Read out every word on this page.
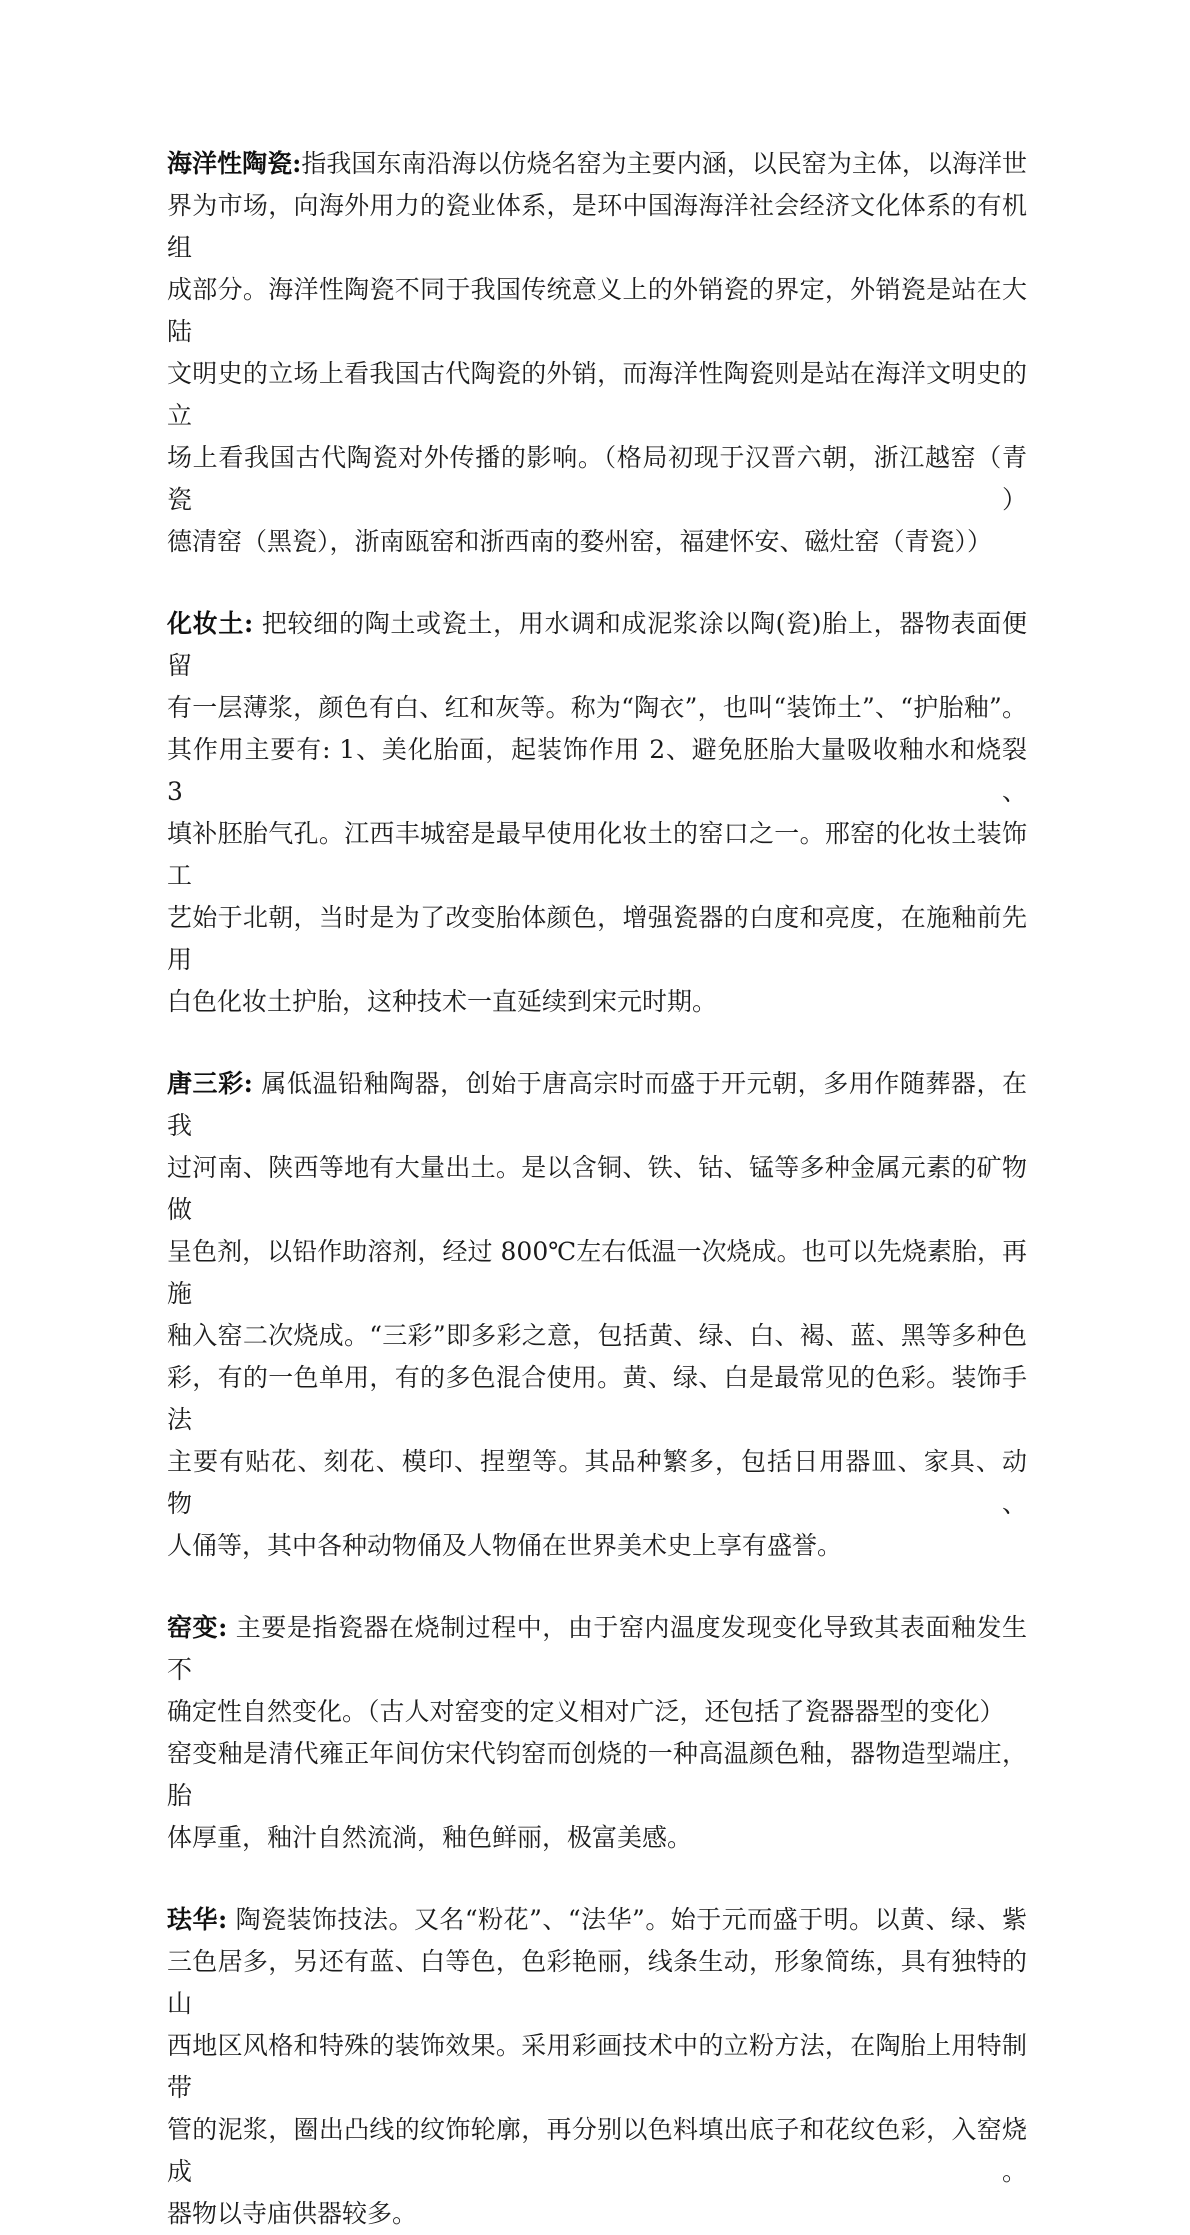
海洋性陶瓷:指我国东南沿海以仿烧名窑为主要内涵，以民窑为主体，以海洋世
界为市场，向海外用力的瓷业体系，是环中国海海洋社会经济文化体系的有机组
成部分。海洋性陶瓷不同于我国传统意义上的外销瓷的界定，外销瓷是站在大陆
文明史的立场上看我国古代陶瓷的外销，而海洋性陶瓷则是站在海洋文明史的立
场上看我国古代陶瓷对外传播的影响。（格局初现于汉晋六朝，浙江越窑（青瓷）
德清窑（黑瓷），浙南瓯窑和浙西南的婺州窑，福建怀安、磁灶窑（青瓷））
化妆土: 把较细的陶土或瓷土，用水调和成泥浆涂以陶(瓷)胎上，器物表面便留
有一层薄浆，颜色有白、红和灰等。称为“陶衣”，也叫“装饰土”、“护胎釉”。
其作用主要有: 1、美化胎面，起装饰作用 2、避免胚胎大量吸收釉水和烧裂 3、
填补胚胎气孔。江西丰城窑是最早使用化妆土的窑口之一。邢窑的化妆土装饰工
艺始于北朝，当时是为了改变胎体颜色，增强瓷器的白度和亮度，在施釉前先用
白色化妆土护胎，这种技术一直延续到宋元时期。
唐三彩: 属低温铅釉陶器，创始于唐高宗时而盛于开元朝，多用作随葬器，在我
过河南、陕西等地有大量出土。是以含铜、铁、钴、锰等多种金属元素的矿物做
呈色剂，以铅作助溶剂，经过 800℃左右低温一次烧成。也可以先烧素胎，再施
釉入窑二次烧成。“三彩”即多彩之意，包括黄、绿、白、褐、蓝、黑等多种色
彩，有的一色单用，有的多色混合使用。黄、绿、白是最常见的色彩。装饰手法
主要有贴花、刻花、模印、捏塑等。其品种繁多，包括日用器皿、家具、动物、
人俑等，其中各种动物俑及人物俑在世界美术史上享有盛誉。
窑变: 主要是指瓷器在烧制过程中，由于窑内温度发现变化导致其表面釉发生不
确定性自然变化。（古人对窑变的定义相对广泛，还包括了瓷器器型的变化）
窑变釉是清代雍正年间仿宋代钧窑而创烧的一种高温颜色釉，器物造型端庄，胎
体厚重，釉汁自然流淌，釉色鲜丽，极富美感。
珐华: 陶瓷装饰技法。又名“粉花”、“法华”。始于元而盛于明。以黄、绿、紫
三色居多，另还有蓝、白等色，色彩艳丽，线条生动，形象简练，具有独特的山
西地区风格和特殊的装饰效果。采用彩画技术中的立粉方法，在陶胎上用特制带
管的泥浆，圈出凸线的纹饰轮廓，再分别以色料填出底子和花纹色彩，入窑烧成。
器物以寺庙供器较多。
